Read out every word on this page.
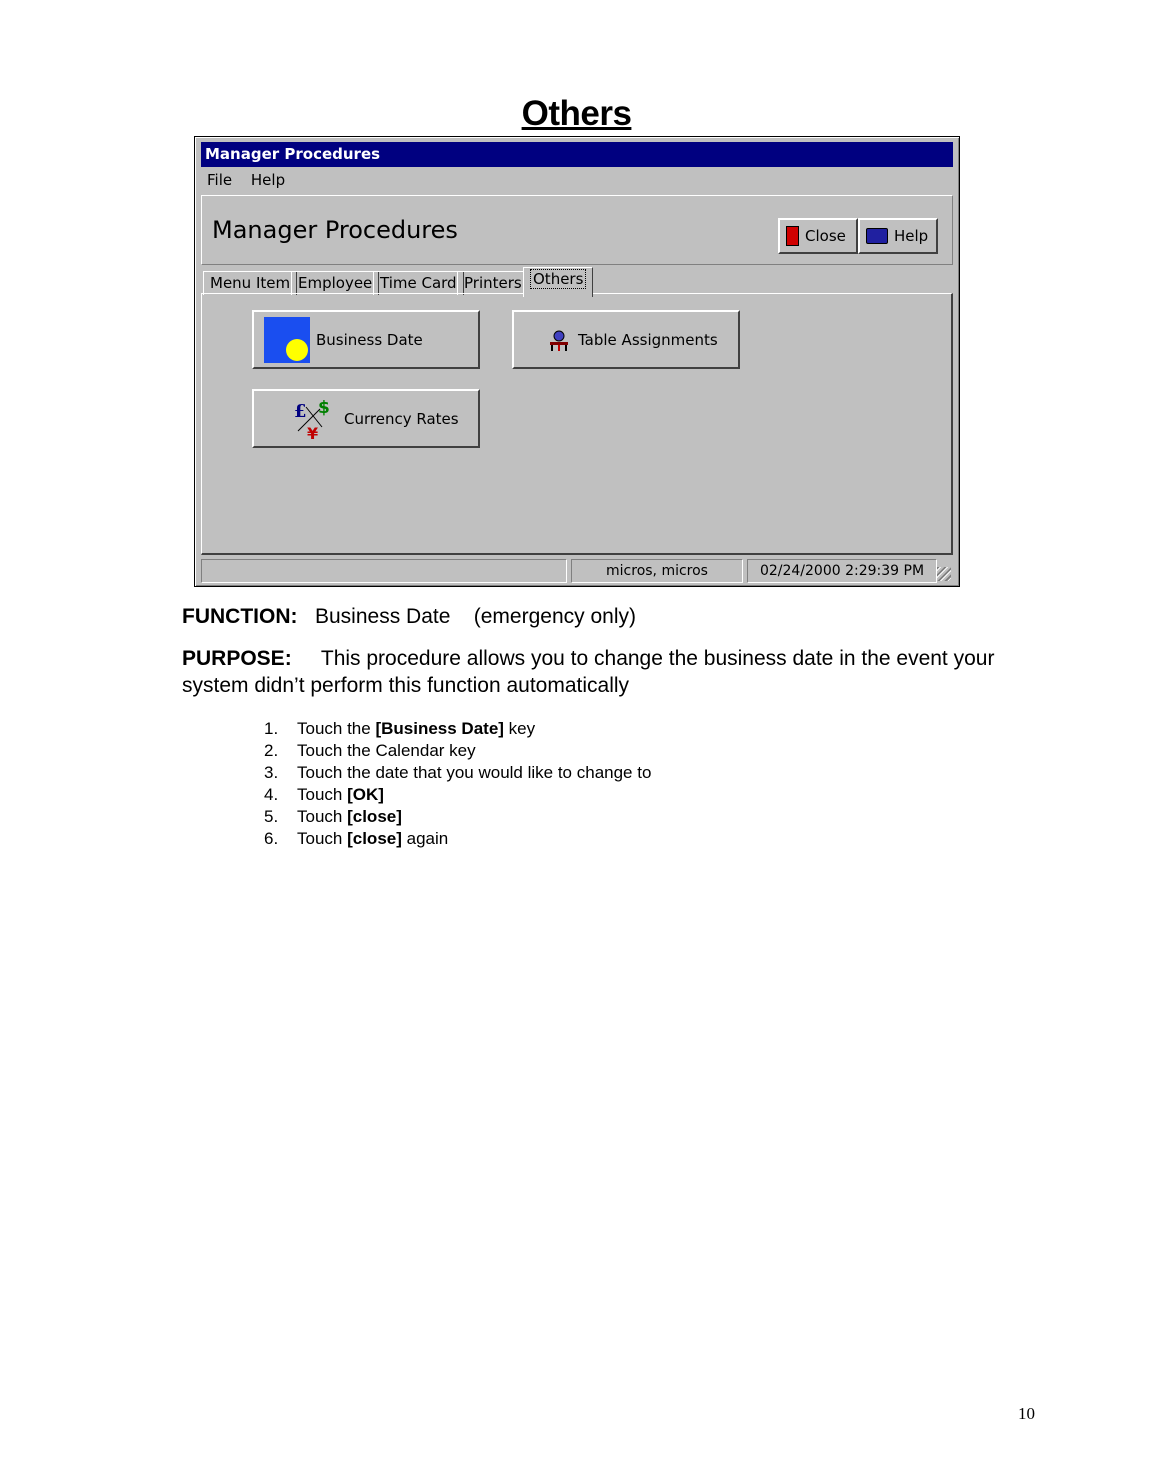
Others
Manager Procedures
File Help
Manager Procedures	Close	Help
Menu Item Employee Time Card Printers Others
Business Date	Table Assignments
£ $
¥
Currency Rates
micros, micros	02/24/2000 2:29:39 PM
FUNCTION: Business Date (emergency only)
PURPOSE: This procedure allows you to change the business date in the event your system didn’t perform this function automatically
1.	Touch the [Business Date] key
2.	Touch the Calendar key
3.	Touch the date that you would like to change to
4.	Touch [OK]
5.	Touch [close]
6.	Touch [close] again
10
